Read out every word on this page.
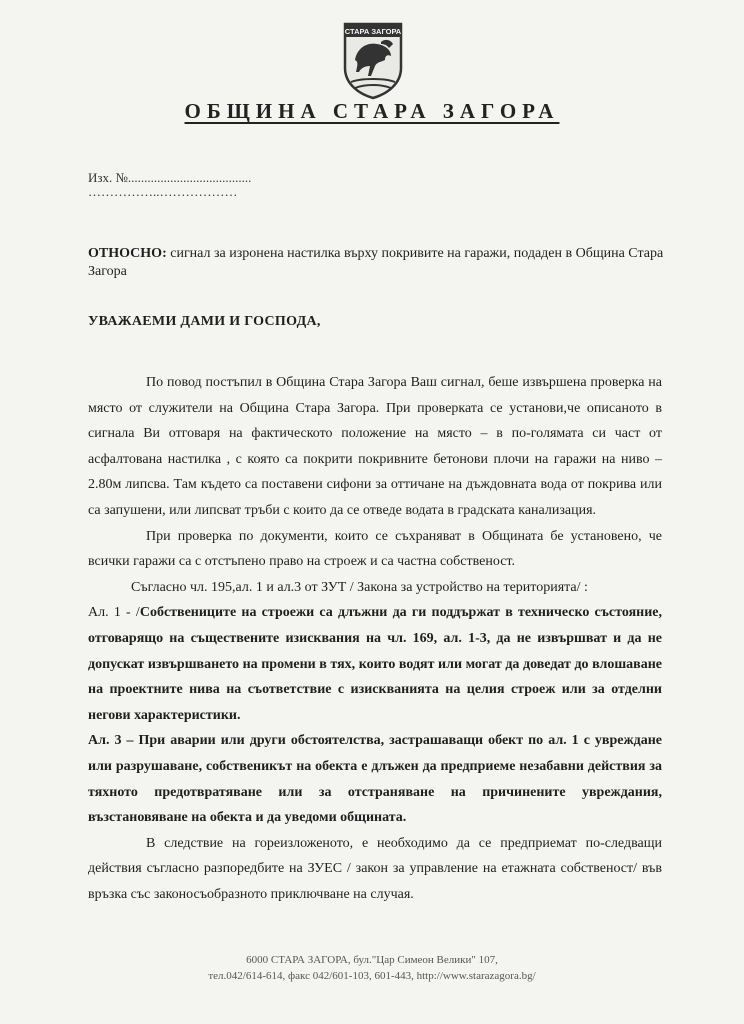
СТАРА ЗАГОРА
ОБЩИНА СТАРА ЗАГОРА
Изх. №......................................
……………..………………
ОТНОСНО: сигнал за изронена настилка върху покривите на гаражи, подаден в Община Стара Загора
УВАЖАЕМИ ДАМИ И ГОСПОДА,

По повод постъпил в Община Стара Загора Ваш сигнал, беше извършена проверка на място от служители на Община Стара Загора. При проверката се установи,че описаното в сигнала Ви отговаря на фактическото положение на място – в по-голямата си част от асфалтована настилка , с която са покрити покривните бетонови плочи на гаражи на ниво – 2.80м липсва. Там където са поставени сифони за оттичане на дъждовната вода от покрива или са запушени, или липсват тръби с които да се отведе водата в градската канализация.

При проверка по документи, които се съхраняват в Общината бе установено, че всички гаражи са с отстъпено право на строеж и са частна собственост.

Съгласно чл. 195,ал. 1 и ал.3 от ЗУТ / Закона за устройство на територията/ :

Ал. 1 - /Собствениците на строежи са длъжни да ги поддържат в техническо състояние, отговарящо на съществените изисквания на чл. 169, ал. 1-3, да не извършват и да не допускат извършването на промени в тях, които водят или могат да доведат до влошаване на проектните нива на съответствие с изискванията на целия строеж или за отделни негови характеристики.

Ал. 3 – При аварии или други обстоятелства, застрашаващи обект по ал. 1 с увреждане или разрушаване, собственикът на обекта е длъжен да предприеме незабавни действия за тяхното предотвратяване или за отстраняване на причинените увреждания, възстановяване на обекта и да уведоми общината.

В следствие на гореизложеното, е необходимо да се предприемат по-следващи действия съгласно разпоредбите на ЗУЕС / закон за управление на етажната собственост/ във връзка със законосъобразното приключване на случая.

6000 СТАРА ЗАГОРА, бул."Цар Симеон Велики" 107,
тел.042/614-614, факс 042/601-103, 601-443, http://www.starazagora.bg/
